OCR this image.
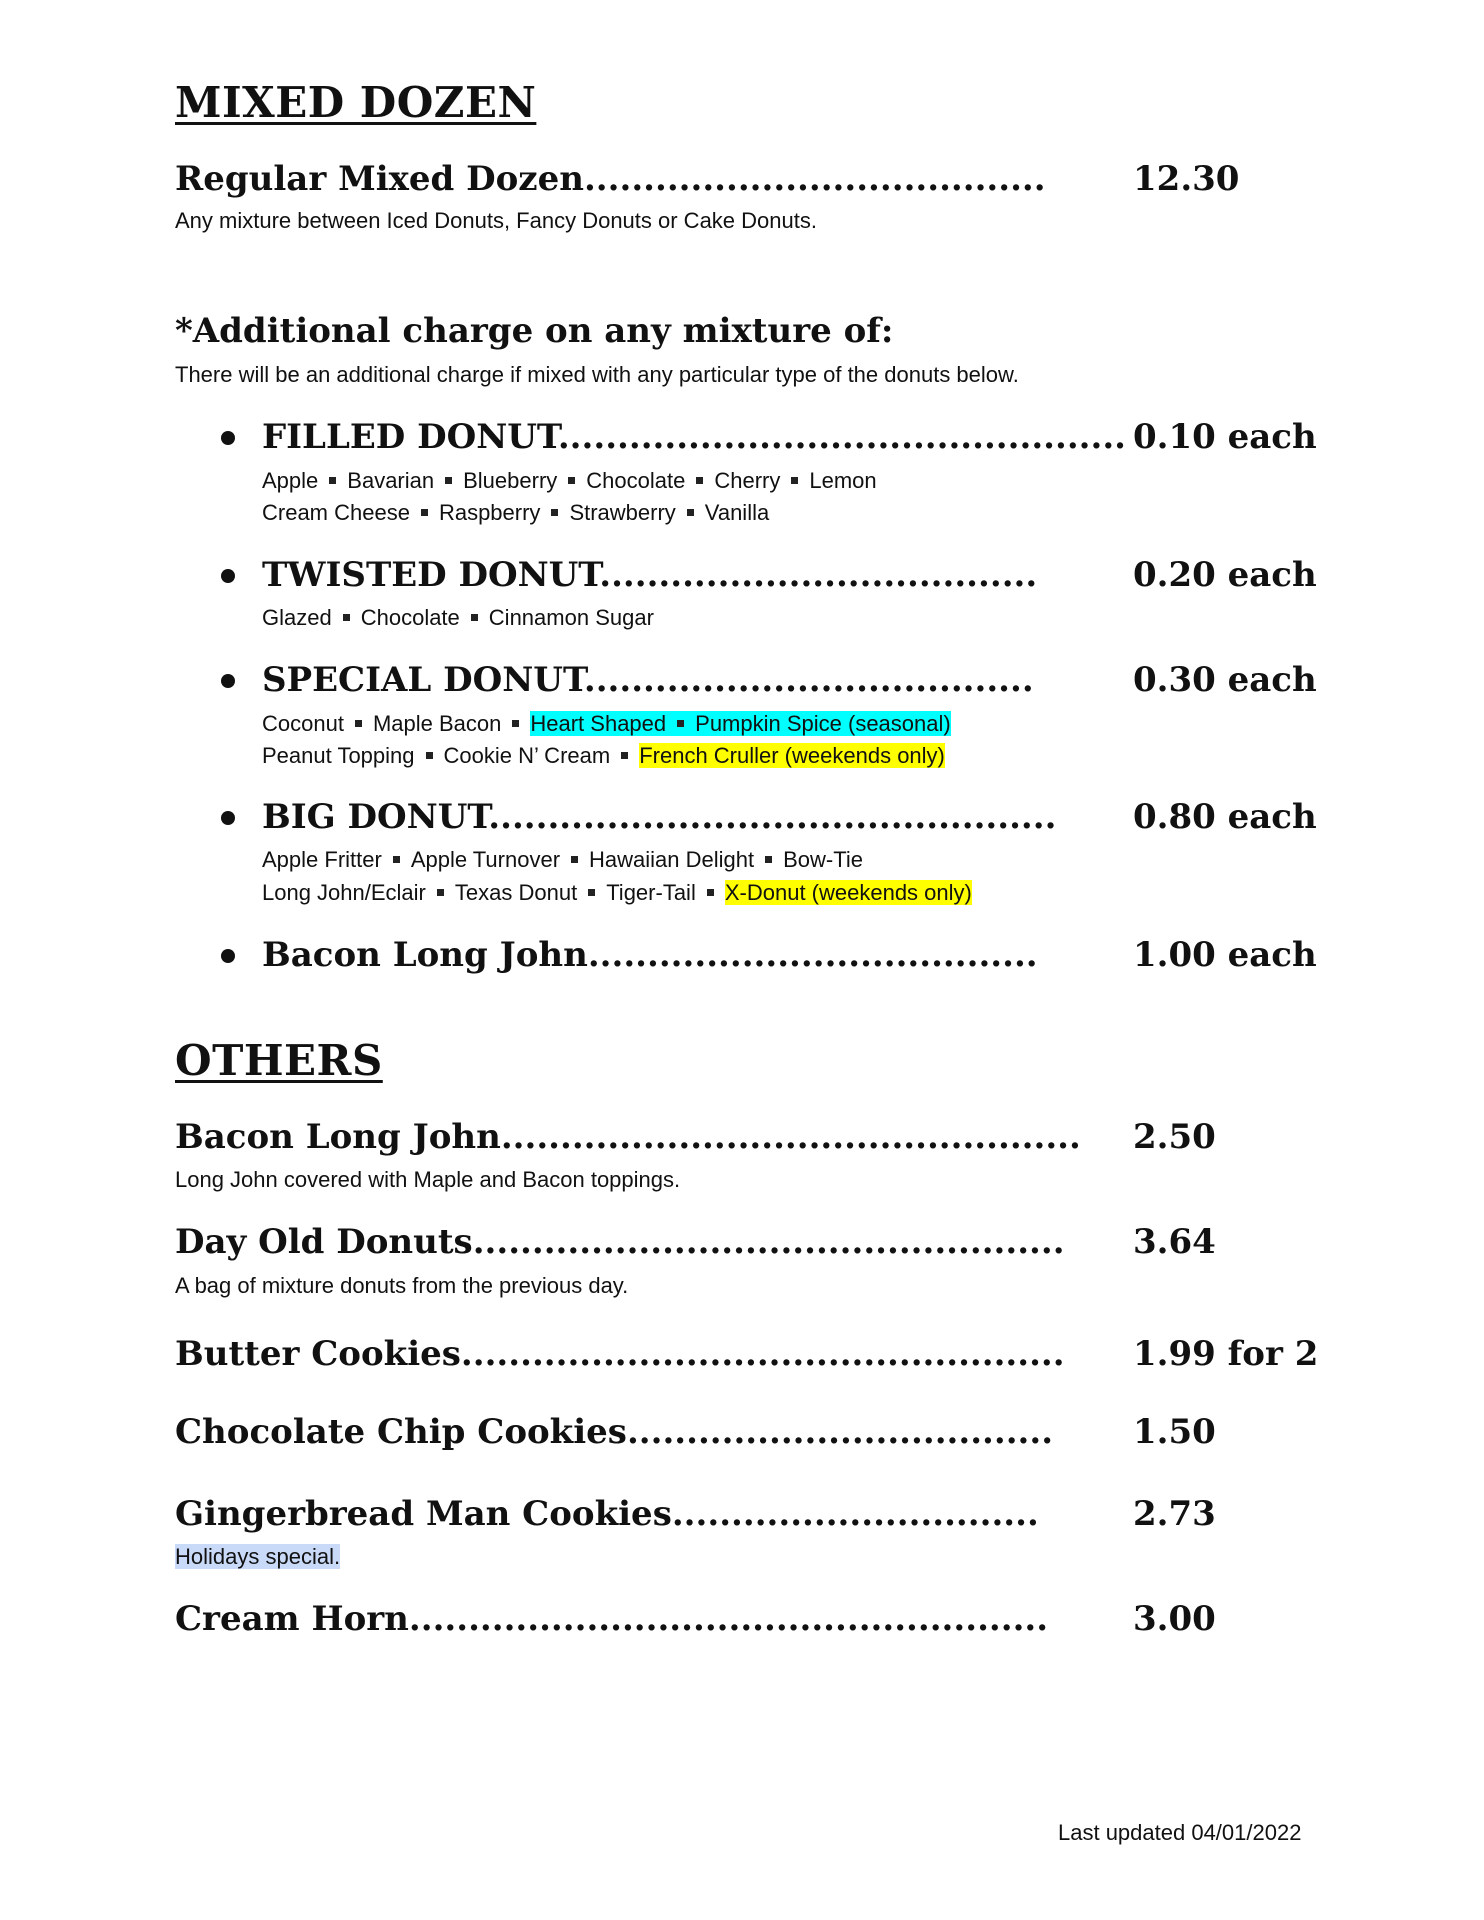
MIXED DOZEN
Regular Mixed Dozen.......................................	12.30
Any mixture between Iced Donuts, Fancy Donuts or Cake Donuts.
*Additional charge on any mixture of:
There will be an additional charge if mixed with any particular type of the donuts below.
FILLED DONUT................................................ 0.10 each
Apple Bavarian Blueberry Chocolate Cherry Lemon
Cream Cheese Raspberry Strawberry Vanilla
TWISTED DONUT.....................................	0.20 each
Glazed Chocolate Cinnamon Sugar
SPECIAL DONUT......................................	0.30 each
Coconut Maple Bacon Heart Shaped Pumpkin Spice (seasonal)
Peanut Topping Cookie N’ Cream French Cruller (weekends only)
BIG DONUT................................................ 0.80 each
Apple Fritter Apple Turnover Hawaiian Delight Bow-Tie
Long John/Eclair Texas Donut Tiger-Tail X-Donut (weekends only)
Bacon Long John......................................	1.00 each
OTHERS
Bacon Long John................................................. 2.50
Long John covered with Maple and Bacon toppings.
Day Old Donuts.................................................. 3.64
A bag of mixture donuts from the previous day.
Butter Cookies................................................... 1.99 for 2
Chocolate Chip Cookies.................................... 1.50
Gingerbread Man Cookies...............................	2.73
Holidays special.
Cream Horn...................................................... 3.00
Last updated 04/01/2022
